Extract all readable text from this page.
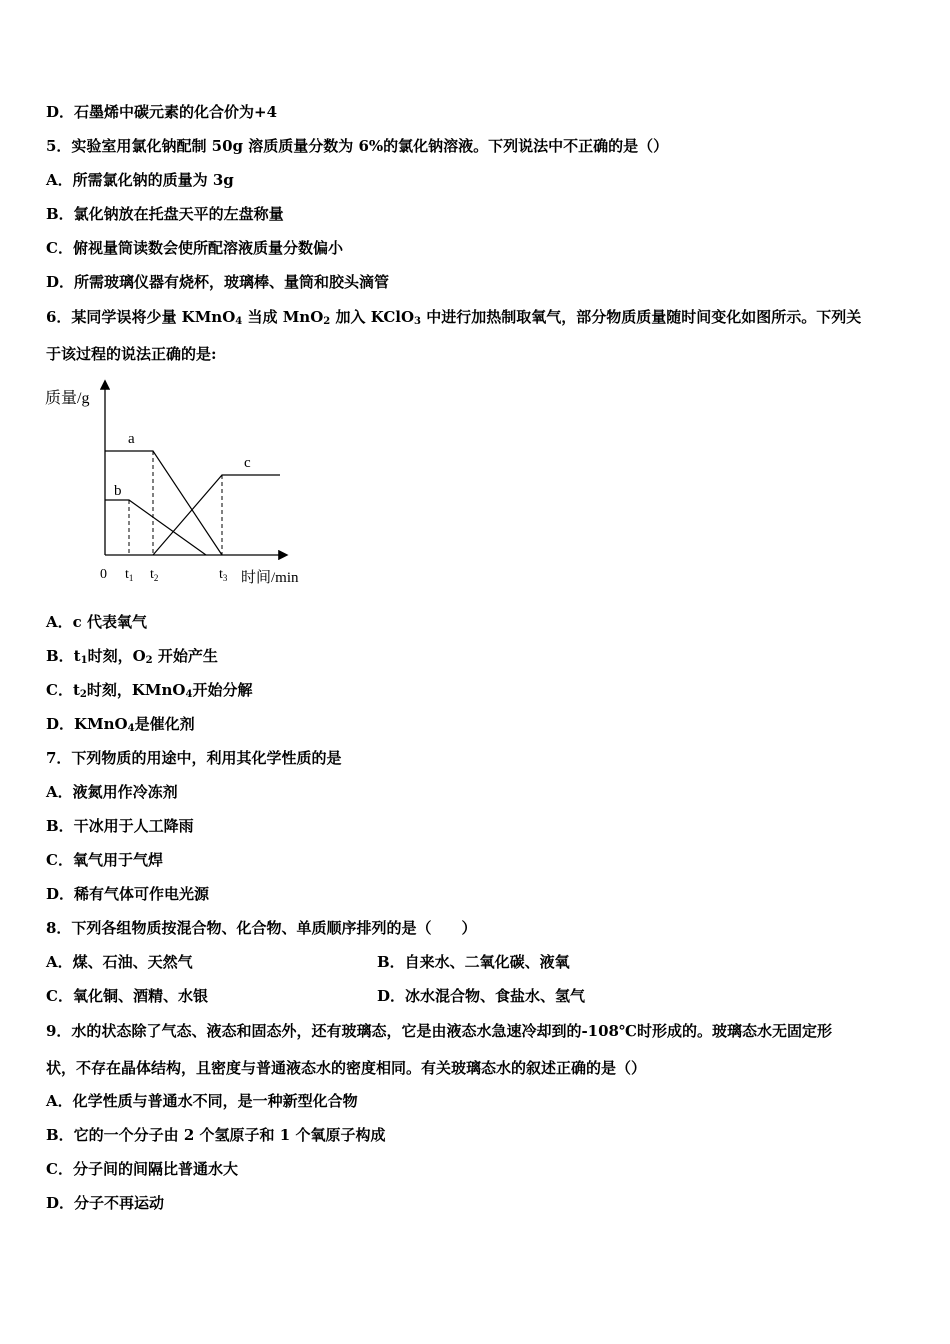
D．石墨烯中碳元素的化合价为+4
5．实验室用氯化钠配制 50g 溶质质量分数为 6%的氯化钠溶液。下列说法中不正确的是（）
A．所需氯化钠的质量为 3g
B．氯化钠放在托盘天平的左盘称量
C．俯视量筒读数会使所配溶液质量分数偏小
D．所需玻璃仪器有烧杯，玻璃棒、量筒和胶头滴管
6．某同学误将少量 KMnO$_4$ 当成 MnO$_2$ 加入 KClO$_3$ 中进行加热制取氧气，部分物质质量随时间变化如图所示。下列关
于该过程的说法正确的是:
质量/g
时间/min
0 $t_1$ $t_2$	$t_3$
a
b
c
A．c 代表氧气
B．$t_1$时刻，$O_2$ 开始产生
C．$t_2$时刻，KMnO$_4$开始分解
D．KMnO$_4$是催化剂
7．下列物质的用途中，利用其化学性质的是
A．液氮用作冷冻剂
B．干冰用于人工降雨
C．氧气用于气焊
D．稀有气体可作电光源
8．下列各组物质按混合物、化合物、单质顺序排列的是（　　）
A．煤、石油、天然气	B．自来水、二氧化碳、液氧
C．氧化铜、酒精、水银	D．冰水混合物、食盐水、氢气
9．水的状态除了气态、液态和固态外，还有玻璃态，它是由液态水急速冷却到的-108℃时形成的。玻璃态水无固定形
状，不存在晶体结构，且密度与普通液态水的密度相同。有关玻璃态水的叙述正确的是（）
A．化学性质与普通水不同，是一种新型化合物
B．它的一个分子由 2 个氢原子和 1 个氧原子构成
C．分子间的间隔比普通水大
D．分子不再运动
